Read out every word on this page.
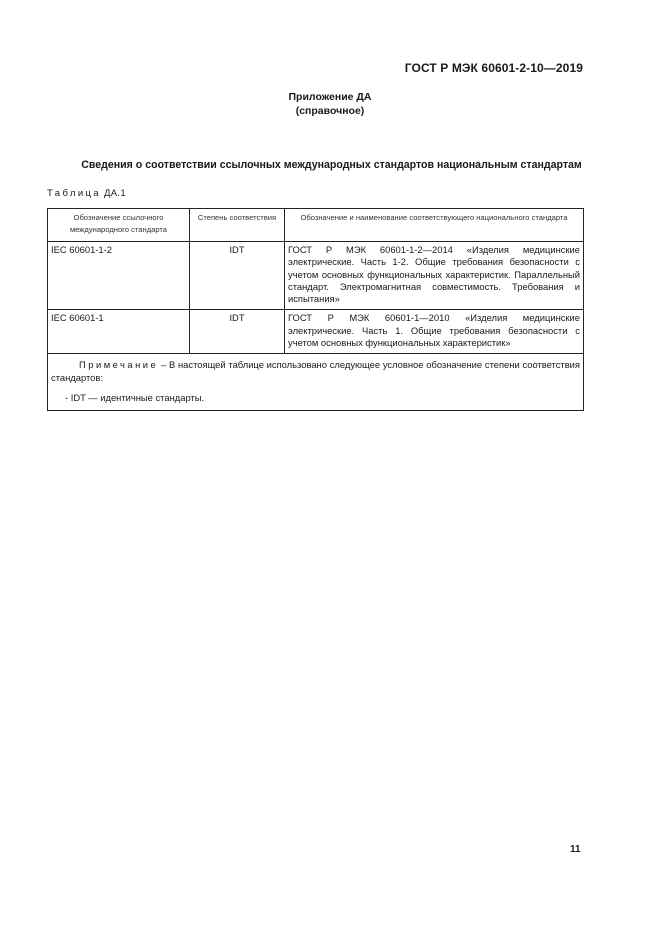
ГОСТ Р МЭК 60601-2-10—2019
Приложение ДА
(справочное)
Сведения о соответствии ссылочных международных стандартов национальным стандартам
Таблица ДА.1
Обозначение ссылочного международного стандарта	Степень соответствия	Обозначение и наименование соответствующего национального стандарта
IEC 60601-1-2	IDT	ГОСТ Р МЭК 60601-1-2—2014 «Изделия медицинские электрические. Часть 1-2. Общие требования безопасности с учетом основных функциональных характеристик. Параллельный стандарт. Электромагнитная совместимость. Требования и испытания»
IEC 60601-1	IDT	ГОСТ Р МЭК 60601-1—2010 «Изделия медицинские электрические. Часть 1. Общие требования безопасности с учетом основных функциональных характеристик»

Примечание – В настоящей таблице использовано следующее условное обозначение степени соответствия стандартов:

- IDT — идентичные стандарты.		
11
